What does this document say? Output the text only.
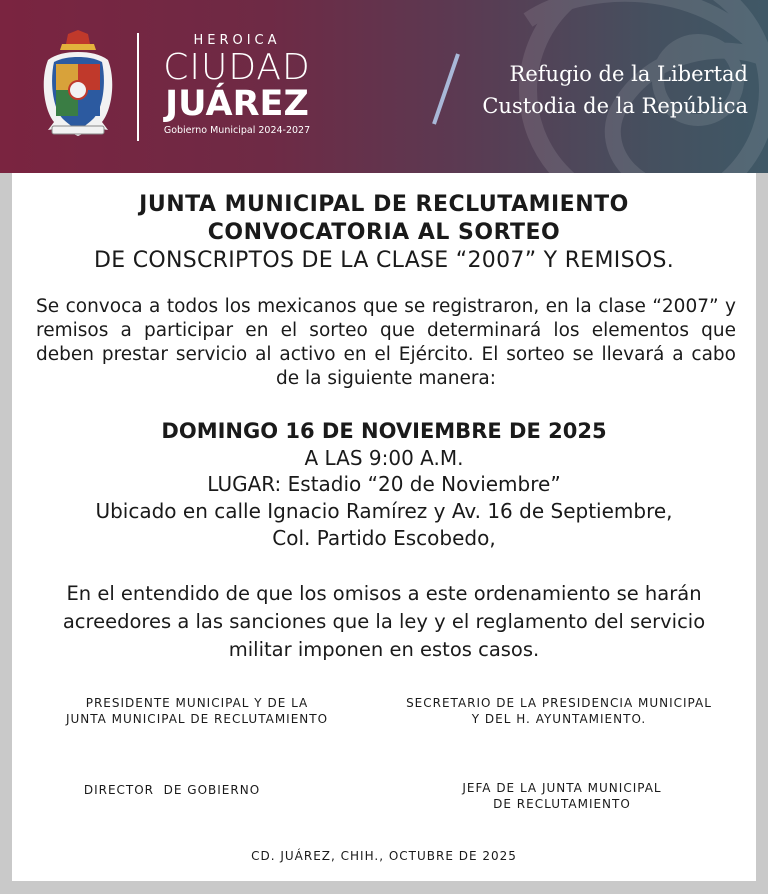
HEROICA
CIUDAD
JUÁREZ
Gobierno Municipal 2024-2027
Refugio de la Libertad
Custodia de la República
JUNTA MUNICIPAL DE RECLUTAMIENTO
CONVOCATORIA AL SORTEO
DE CONSCRIPTOS DE LA CLASE “2007” Y REMISOS.
Se convoca a todos los mexicanos que se registraron, en la clase “2007” y remisos a participar en el sorteo que determinará los elementos que deben prestar servicio al activo en el Ejército. El sorteo se llevará a cabo de la siguiente manera:
DOMINGO 16 DE NOVIEMBRE DE 2025
A LAS 9:00 A.M.
LUGAR: Estadio “20 de Noviembre”
Ubicado en calle Ignacio Ramírez y Av. 16 de Septiembre,
Col. Partido Escobedo,
En el entendido de que los omisos a este ordenamiento se harán acreedores a las sanciones que la ley y el reglamento del servicio militar imponen en estos casos.
PRESIDENTE MUNICIPAL Y DE LA
JUNTA MUNICIPAL DE RECLUTAMIENTO
SECRETARIO DE LA PRESIDENCIA MUNICIPAL
Y DEL H. AYUNTAMIENTO.
DIRECTOR  DE GOBIERNO	JEFA DE LA JUNTA MUNICIPAL
DE RECLUTAMIENTO
CD. JUÁREZ, CHIH., OCTUBRE DE 2025
